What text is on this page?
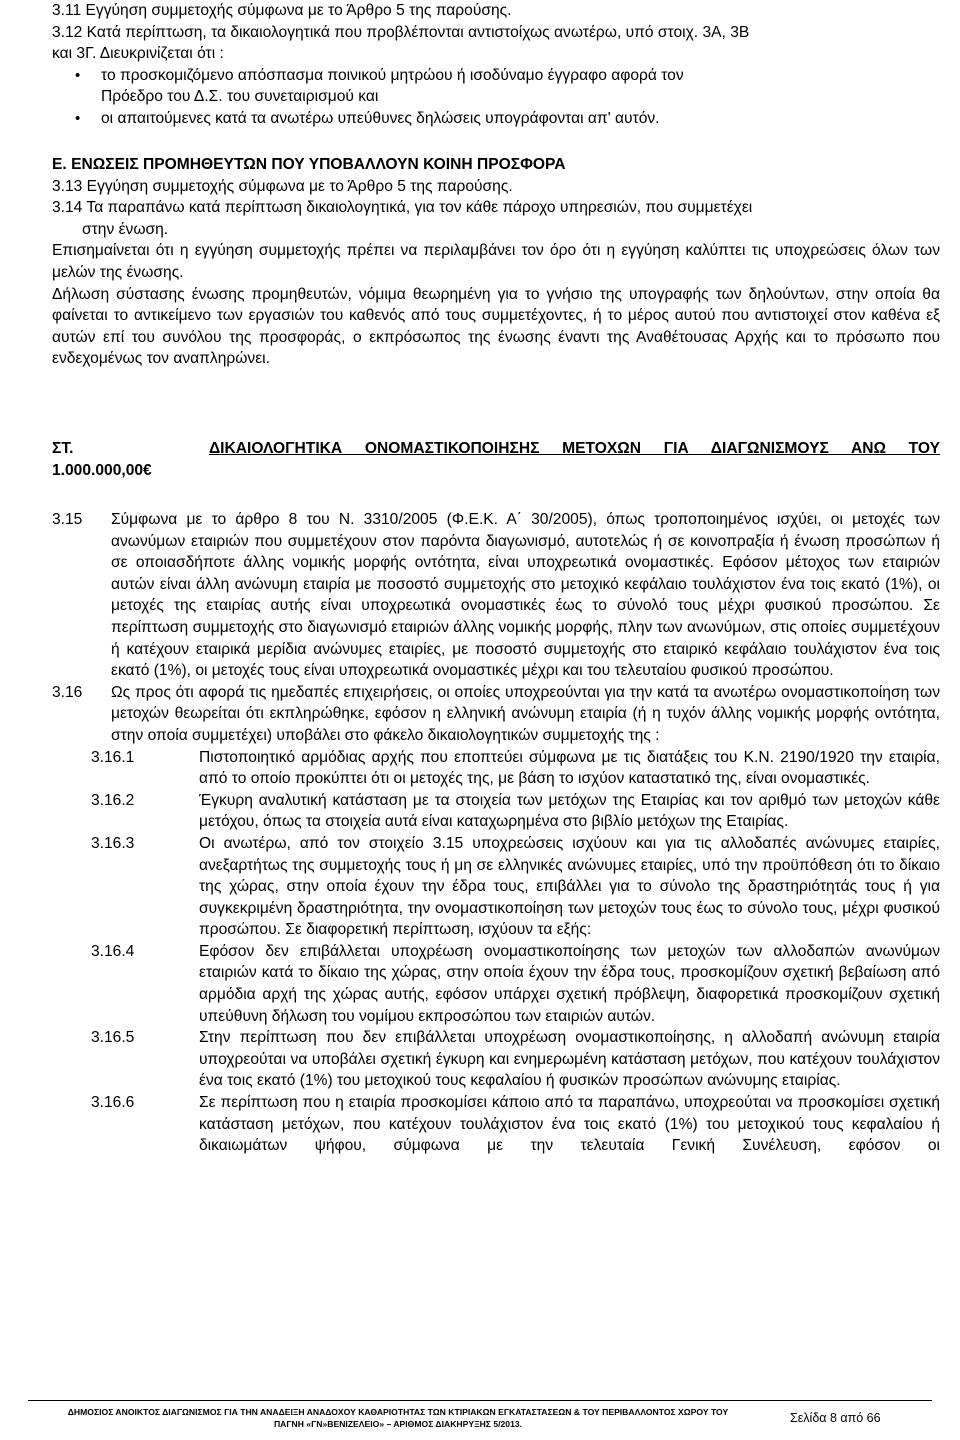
3.11 Εγγύηση συμμετοχής σύμφωνα με το Άρθρο 5 της παρούσης.

3.12 Κατά περίπτωση, τα δικαιολογητικά που προβλέπονται αντιστοίχως ανωτέρω, υπό στοιχ. 3Α, 3Β

και 3Γ. Διευκρινίζεται ότι :

• το προσκομιζόμενο απόσπασμα ποινικού μητρώου ή ισοδύναμο έγγραφο αφορά τον

Πρόεδρο του Δ.Σ. του συνεταιρισμού και

• οι απαιτούμενες κατά τα ανωτέρω υπεύθυνες δηλώσεις υπογράφονται απ' αυτόν.

Ε. ΕΝΩΣΕΙΣ ΠΡΟΜΗΘΕΥΤΩΝ ΠΟΥ ΥΠΟΒΑΛΛΟΥΝ ΚΟΙΝΗ ΠΡΟΣΦΟΡΑ

3.13 Εγγύηση συμμετοχής σύμφωνα με το Άρθρο 5 της παρούσης.

3.14 Τα παραπάνω κατά περίπτωση δικαιολογητικά, για τον κάθε πάροχο υπηρεσιών, που συμμετέχει

στην ένωση.

Επισημαίνεται ότι η εγγύηση συμμετοχής πρέπει να περιλαμβάνει τον όρο ότι η εγγύηση καλύπτει τις υποχρεώσεις όλων των μελών της ένωσης.

Δήλωση σύστασης ένωσης προμηθευτών, νόμιμα θεωρημένη για το γνήσιο της υπογραφής των δηλούντων, στην οποία θα φαίνεται το αντικείμενο των εργασιών του καθενός από τους συμμετέχοντες, ή το μέρος αυτού που αντιστοιχεί στον καθένα εξ αυτών επί του συνόλου της προσφοράς, ο εκπρόσωπος της ένωσης έναντι της Αναθέτουσας Αρχής και το πρόσωπο που ενδεχομένως τον αναπληρώνει.

ΣΤ.	ΔΙΚΑΙΟΛΟΓΗΤΙΚΑ ΟΝΟΜΑΣΤΙΚΟΠΟΙΗΣΗΣ ΜΕΤΟΧΩΝ ΓΙΑ ΔΙΑΓΩΝΙΣΜΟΥΣ ΑΝΩ ΤΟΥ

1.000.000,00€

3.15 Σύμφωνα με το άρθρο 8 του Ν. 3310/2005 (Φ.Ε.Κ. Α΄ 30/2005), όπως τροποποιημένος ισχύει, οι μετοχές των ανωνύμων εταιριών που συμμετέχουν στον παρόντα διαγωνισμό, αυτοτελώς ή σε κοινοπραξία ή ένωση προσώπων ή σε οποιασδήποτε άλλης νομικής μορφής οντότητα, είναι υποχρεωτικά ονομαστικές. Εφόσον μέτοχος των εταιριών αυτών είναι άλλη ανώνυμη εταιρία με ποσοστό συμμετοχής στο μετοχικό κεφάλαιο τουλάχιστον ένα τοις εκατό (1%), οι μετοχές της εταιρίας αυτής είναι υποχρεωτικά ονομαστικές έως το σύνολό τους μέχρι φυσικού προσώπου. Σε περίπτωση συμμετοχής στο διαγωνισμό εταιριών άλλης νομικής μορφής, πλην των ανωνύμων, στις οποίες συμμετέχουν ή κατέχουν εταιρικά μερίδια ανώνυμες εταιρίες, με ποσοστό συμμετοχής στο εταιρικό κεφάλαιο τουλάχιστον ένα τοις εκατό (1%), οι μετοχές τους είναι υποχρεωτικά ονομαστικές μέχρι και του τελευταίου φυσικού προσώπου.

3.16 Ως προς ότι αφορά τις ημεδαπές επιχειρήσεις, οι οποίες υποχρεούνται για την κατά τα ανωτέρω ονομαστικοποίηση των μετοχών θεωρείται ότι εκπληρώθηκε, εφόσον η ελληνική ανώνυμη εταιρία (ή η τυχόν άλλης νομικής μορφής οντότητα, στην οποία συμμετέχει) υποβάλει στο φάκελο δικαιολογητικών συμμετοχής της :

3.16.1	Πιστοποιητικό αρμόδιας αρχής που εποπτεύει σύμφωνα με τις διατάξεις του Κ.Ν. 2190/1920 την εταιρία, από το οποίο προκύπτει ότι οι μετοχές της, με βάση το ισχύον καταστατικό της, είναι ονομαστικές.

3.16.2	Έγκυρη αναλυτική κατάσταση με τα στοιχεία των μετόχων της Εταιρίας και τον αριθμό των μετοχών κάθε μετόχου, όπως τα στοιχεία αυτά είναι καταχωρημένα στο βιβλίο μετόχων της Εταιρίας.

3.16.3	Οι ανωτέρω, από τον στοιχείο 3.15 υποχρεώσεις ισχύουν και για τις αλλοδαπές ανώνυμες εταιρίες, ανεξαρτήτως της συμμετοχής τους ή μη σε ελληνικές ανώνυμες εταιρίες, υπό την προϋπόθεση ότι το δίκαιο της χώρας, στην οποία έχουν την έδρα τους, επιβάλλει για το σύνολο της δραστηριότητάς τους ή για συγκεκριμένη δραστηριότητα, την ονομαστικοποίηση των μετοχών τους έως το σύνολο τους, μέχρι φυσικού προσώπου. Σε διαφορετική περίπτωση, ισχύουν τα εξής:

3.16.4	Εφόσον δεν επιβάλλεται υποχρέωση ονομαστικοποίησης των μετοχών των αλλοδαπών ανωνύμων εταιριών κατά το δίκαιο της χώρας, στην οποία έχουν την έδρα τους, προσκομίζουν σχετική βεβαίωση από αρμόδια αρχή της χώρας αυτής, εφόσον υπάρχει σχετική πρόβλεψη, διαφορετικά προσκομίζουν σχετική υπεύθυνη δήλωση του νομίμου εκπροσώπου των εταιριών αυτών.

3.16.5	Στην περίπτωση που δεν επιβάλλεται υποχρέωση ονομαστικοποίησης, η αλλοδαπή ανώνυμη εταιρία υποχρεούται να υποβάλει σχετική έγκυρη και ενημερωμένη κατάσταση μετόχων, που κατέχουν τουλάχιστον ένα τοις εκατό (1%) του μετοχικού τους κεφαλαίου ή φυσικών προσώπων ανώνυμης εταιρίας.

3.16.6	Σε περίπτωση που η εταιρία προσκομίσει κάποιο από τα παραπάνω, υποχρεούται να προσκομίσει σχετική κατάσταση μετόχων, που κατέχουν τουλάχιστον ένα τοις εκατό (1%) του μετοχικού τους κεφαλαίου ή δικαιωμάτων ψήφου, σύμφωνα με την τελευταία Γενική Συνέλευση, εφόσον οι

ΔΗΜΟΣΙΟΣ ΑΝΟΙΚΤΟΣ ΔΙΑΓΩΝΙΣΜΟΣ ΓΙΑ ΤΗΝ ΑΝΑΔΕΙΞΗ ΑΝΑΔΟΧΟΥ ΚΑΘΑΡΙΟΤΗΤΑΣ ΤΩΝ ΚΤΙΡΙΑΚΩΝ ΕΓΚΑΤΑΣΤΑΣΕΩΝ & ΤΟΥ ΠΕΡΙΒΑΛΛΟΝΤΟΣ ΧΩΡΟΥ ΤΟΥ
ΠΑΓΝΗ «ΓΝ»ΒΕΝΙΖΕΛΕΙΟ» – ΑΡΙΘΜΟΣ ΔΙΑΚΗΡΥΞΗΣ 5/2013.	Σελίδα 8 από 66
